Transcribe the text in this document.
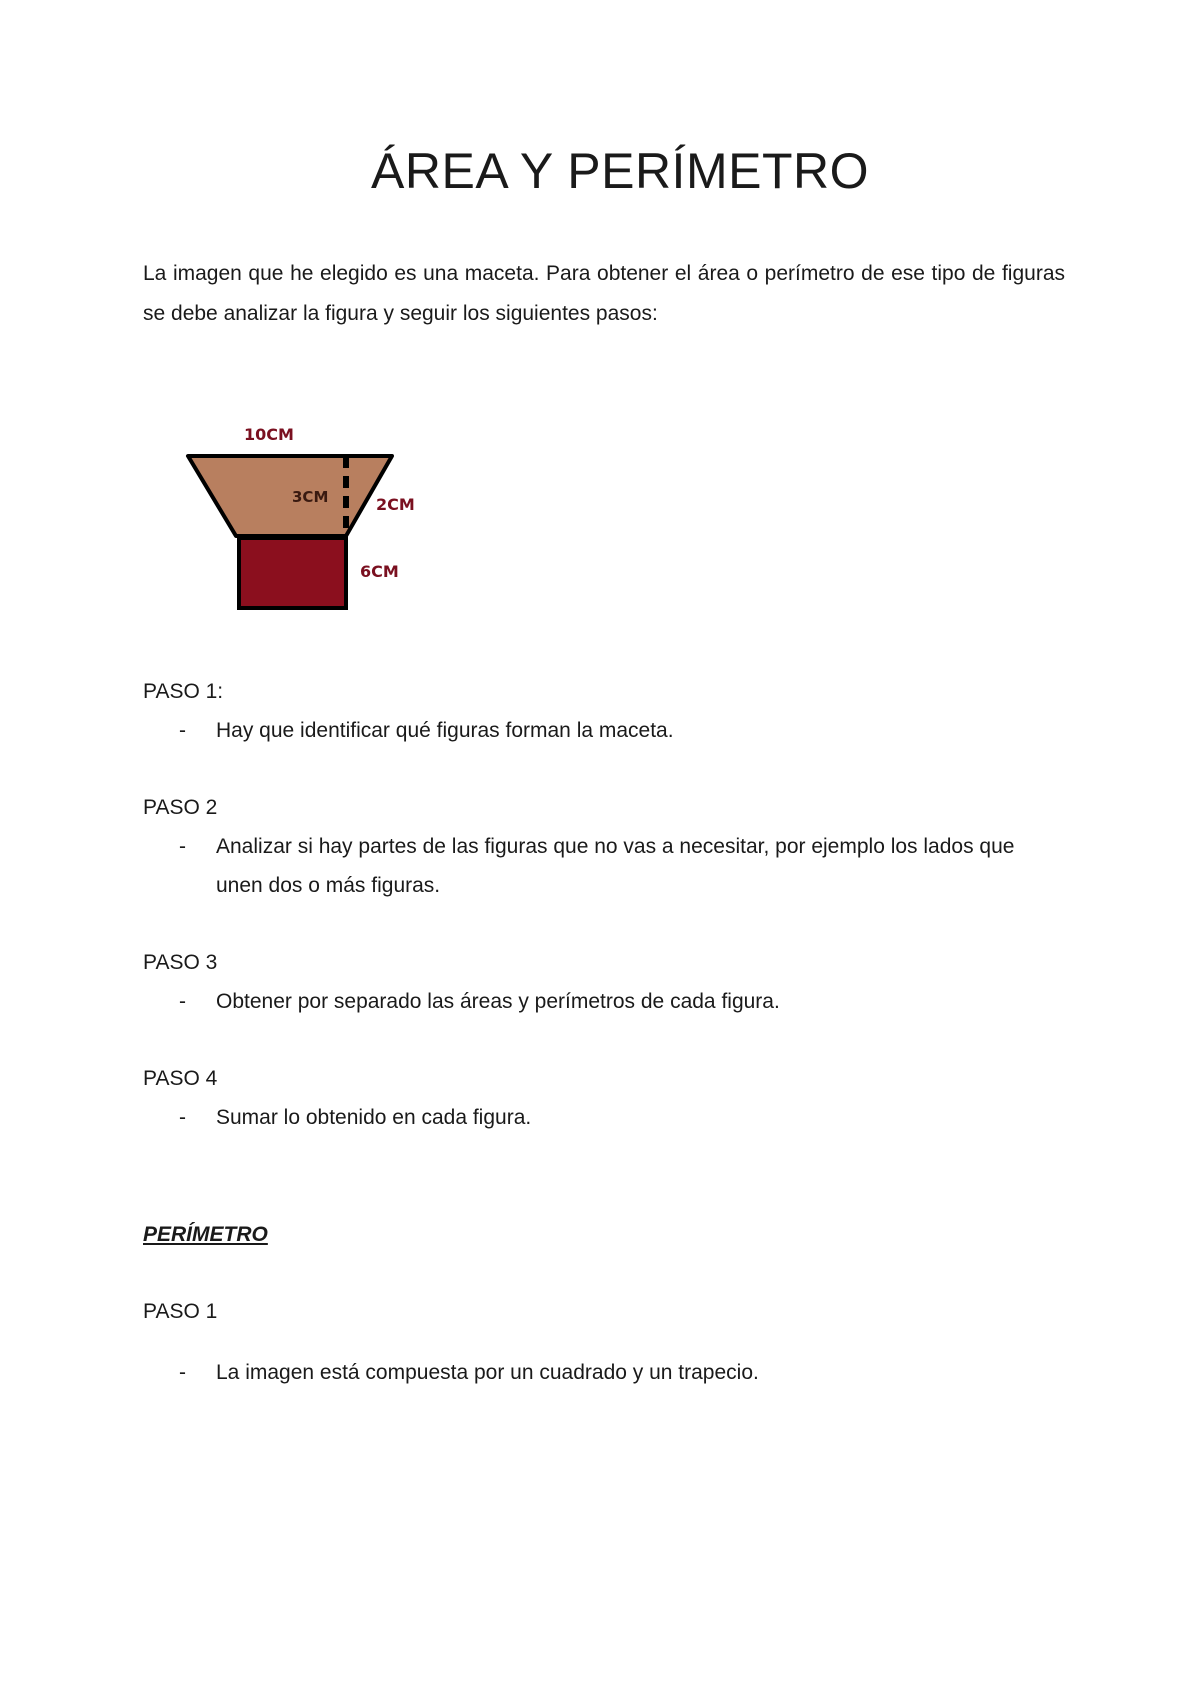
ÁREA Y PERÍMETRO

La imagen que he elegido es una maceta. Para obtener el área o perímetro de ese tipo de figuras se debe analizar la figura y seguir los siguientes pasos:

10CM
3CM	2CM
6CM

PASO 1:

- Hay que identificar qué figuras forman la maceta.

PASO 2

- Analizar si hay partes de las figuras que no vas a necesitar, por ejemplo los lados que unen dos o más figuras.

PASO 3

- Obtener por separado las áreas y perímetros de cada figura.

PASO 4

- Sumar lo obtenido en cada figura.

PERÍMETRO

PASO 1

- La imagen está compuesta por un cuadrado y un trapecio.
